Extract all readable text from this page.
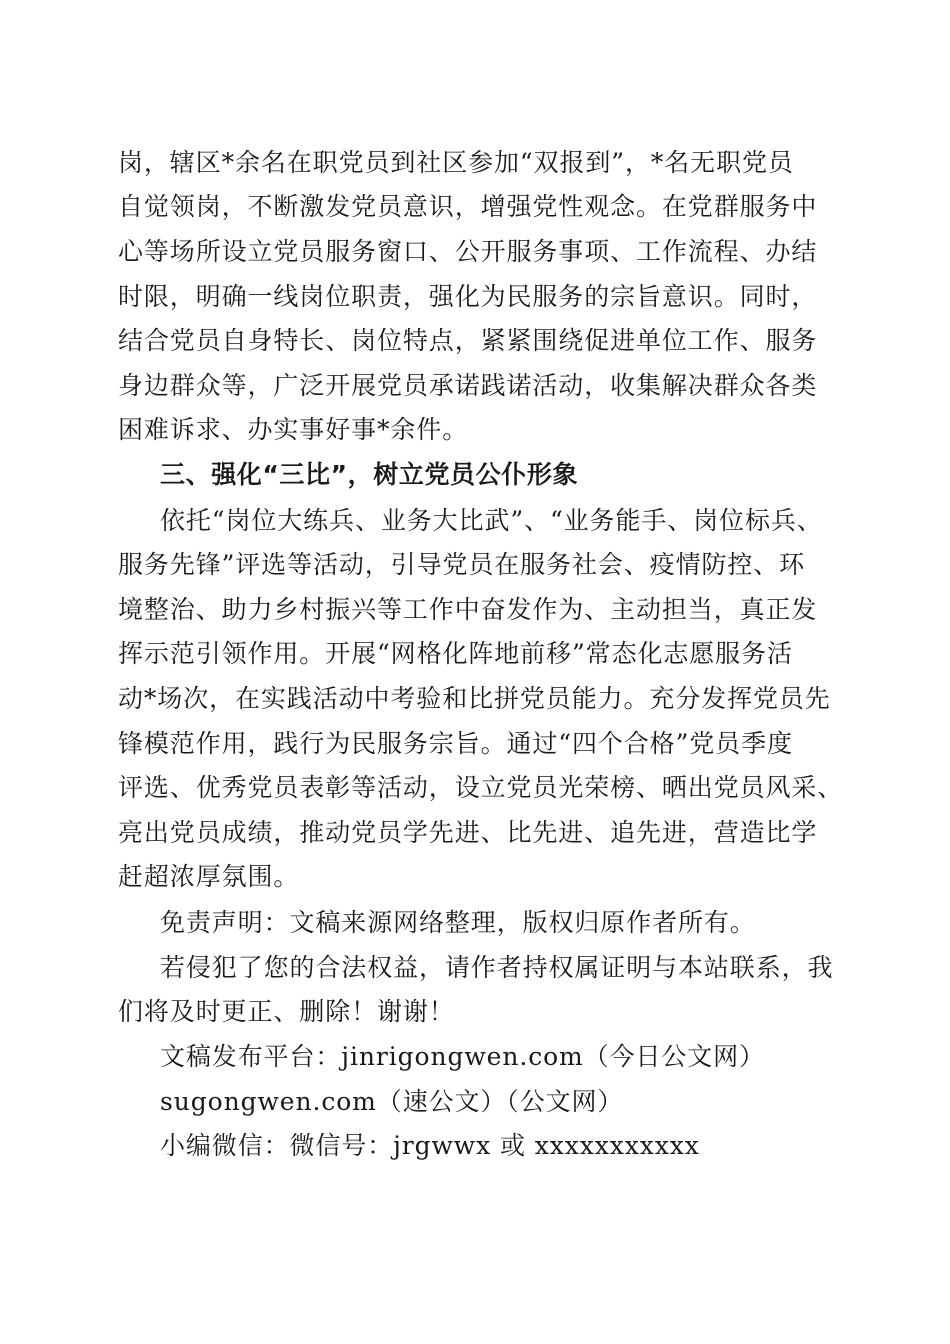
岗，辖区*余名在职党员到社区参加“双报到”，*名无职党员
自觉领岗，不断激发党员意识，增强党性观念。在党群服务中
心等场所设立党员服务窗口、公开服务事项、工作流程、办结
时限，明确一线岗位职责，强化为民服务的宗旨意识。同时，
结合党员自身特长、岗位特点，紧紧围绕促进单位工作、服务
身边群众等，广泛开展党员承诺践诺活动，收集解决群众各类
困难诉求、办实事好事*余件。
三、强化“三比”，树立党员公仆形象
依托“岗位大练兵、业务大比武”、“业务能手、岗位标兵、
服务先锋”评选等活动，引导党员在服务社会、疫情防控、环
境整治、助力乡村振兴等工作中奋发作为、主动担当，真正发
挥示范引领作用。开展“网格化阵地前移”常态化志愿服务活
动*场次，在实践活动中考验和比拼党员能力。充分发挥党员先
锋模范作用，践行为民服务宗旨。通过“四个合格”党员季度
评选、优秀党员表彰等活动，设立党员光荣榜、晒出党员风采、
亮出党员成绩，推动党员学先进、比先进、追先进，营造比学
赶超浓厚氛围。
免责声明：文稿来源网络整理，版权归原作者所有。
若侵犯了您的合法权益，请作者持权属证明与本站联系，我
们将及时更正、删除！谢谢！
文稿发布平台：jinrigongwen.com（今日公文网）
sugongwen.com（速公文）（公文网）
小编微信：微信号：jrgwwx 或 xxxxxxxxxxx
